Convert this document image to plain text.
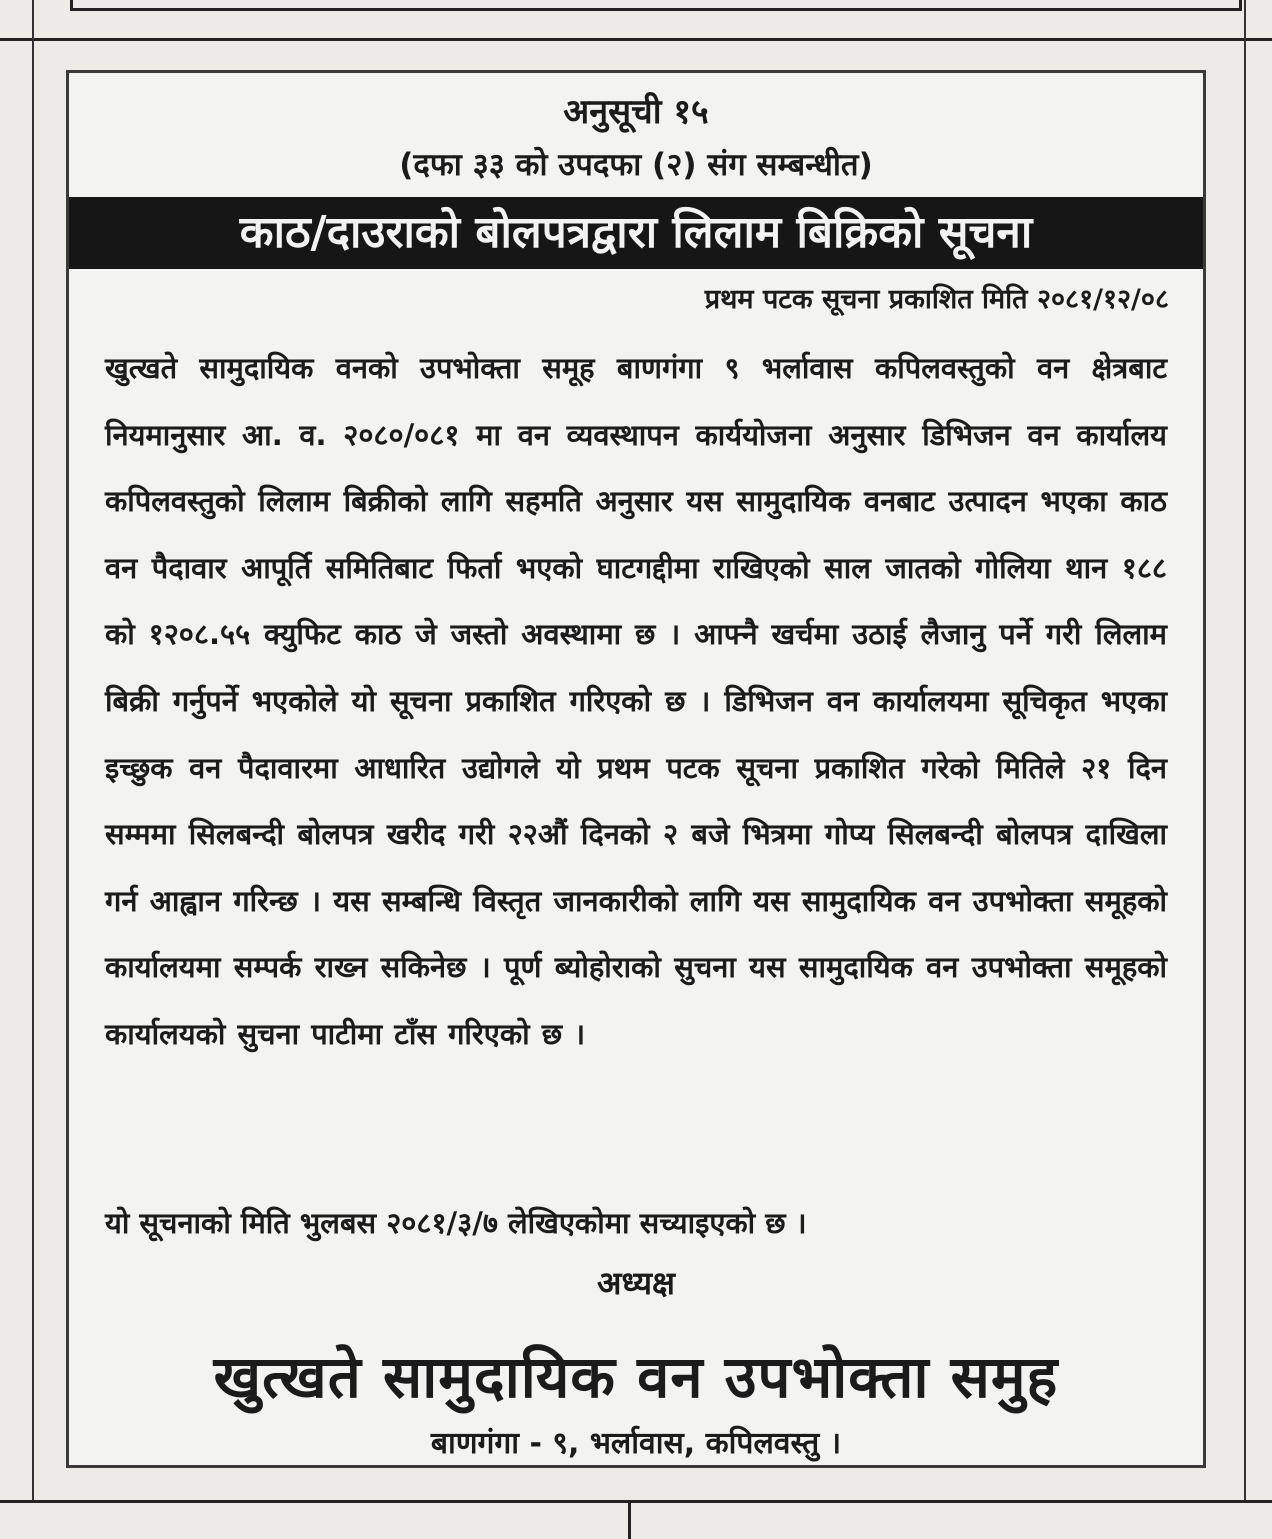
अनुसूची १५
(दफा ३३ को उपदफा (२) संग सम्बन्धीत)
काठ/दाउराको बोलपत्रद्वारा लिलाम बिक्रिको सूचना
प्रथम पटक सूचना प्रकाशित मिति २०८१/१२/०८
खुत्खते सामुदायिक वनको उपभोक्ता समूह बाणगंगा ९ भर्लावास कपिलवस्तुको वन क्षेत्रबाट नियमानुसार आ. व. २०८०/०८१ मा वन व्यवस्थापन कार्ययोजना अनुसार डिभिजन वन कार्यालय कपिलवस्तुको लिलाम बिक्रीको लागि सहमति अनुसार यस सामुदायिक वनबाट उत्पादन भएका काठ वन पैदावार आपूर्ति समितिबाट फिर्ता भएको घाटगद्दीमा राखिएको साल जातको गोलिया थान १८८ को १२०८.५५ क्युफिट काठ जे जस्तो अवस्थामा छ । आफ्नै खर्चमा उठाई लैजानु पर्ने गरी लिलाम बिक्री गर्नुपर्ने भएकोले यो सूचना प्रकाशित गरिएको छ । डिभिजन वन कार्यालयमा सूचिकृत भएका इच्छुक वन पैदावारमा आधारित उद्योगले यो प्रथम पटक सूचना प्रकाशित गरेको मितिले २१ दिन सम्ममा सिलबन्दी बोलपत्र खरीद गरी २२औं दिनको २ बजे भित्रमा गोप्य सिलबन्दी बोलपत्र दाखिला गर्न आह्वान गरिन्छ । यस सम्बन्धि विस्तृत जानकारीको लागि यस सामुदायिक वन उपभोक्ता समूहको कार्यालयमा सम्पर्क राख्न सकिनेछ । पूर्ण ब्योहोराको सुचना यस सामुदायिक वन उपभोक्ता समूहको कार्यालयको सुचना पाटीमा टाँस गरिएको छ ।
यो सूचनाको मिति भुलबस २०८१/३/७ लेखिएकोमा सच्याइएको छ ।
अध्यक्ष
खुत्खते सामुदायिक वन उपभोक्ता समुह
बाणगंगा - ९, भर्लावास, कपिलवस्तु ।
